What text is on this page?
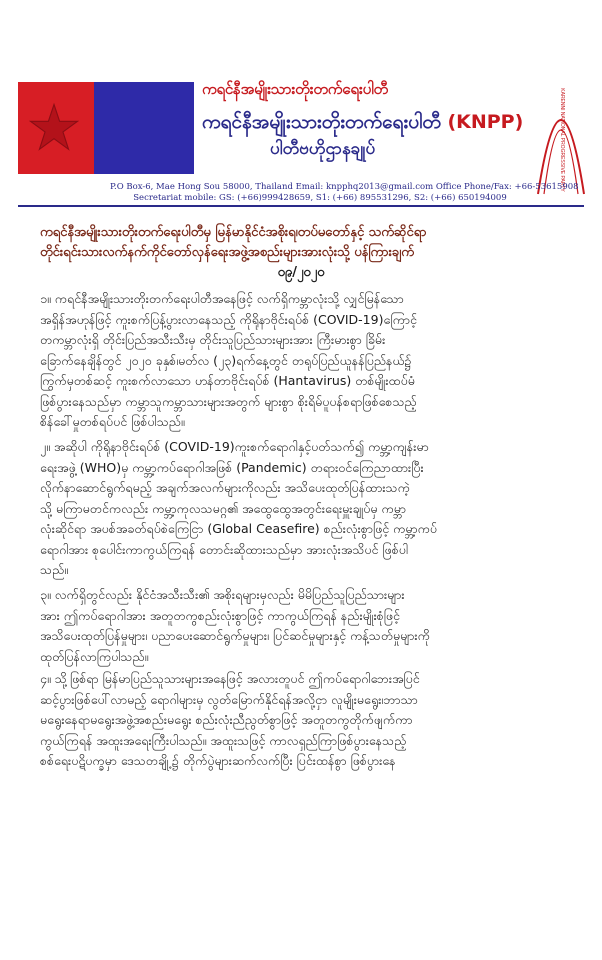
ကရင်နီအမျိုးသားတိုးတက်ရေးပါတီ
ကရင်နီအမျိုးသားတိုးတက်ရေးပါတီ (KNPP)
ပါတီဗဟိုဌာနချုပ်	KARENNI NATIONAL PROGRESSIVE PARTY
P.O Box-6, Mae Hong Sou 58000, Thailand Email: knpphq2013@gmail.com Office Phone/Fax: +66-53615908
Secretariat mobile: GS: (+66)999428659, S1: (+66) 895531296, S2: (+66) 650194009
ကရင်နီအမျိုးသားတိုးတက်ရေးပါတီမှ မြန်မာနိုင်ငံအစိုးရ၊တပ်မတော်နှင့် သက်ဆိုင်ရာ
တိုင်းရင်းသားလက်နက်ကိုင်တော်လှန်ရေးအဖွဲ့အစည်းများအားလုံးသို့ ပန်ကြားချက်
၀၉/၂၀၂၀
၁။ ကရင်နီအမျိုးသားတိုးတက်ရေးပါတီအနေဖြင့် လက်ရှိကမ္ဘာလုံးသို့ လျှင်မြန်သော
အရှိန်အဟုန်ဖြင့် ကူးစက်ပြန့်ပွားလာနေသည့် ကိုရိုနာဗိုင်းရပ်စ် (COVID-19)ကြောင့်
တကမ္ဘာလုံးရှိ တိုင်းပြည်အသီးသီးမှ တိုင်းသူပြည်သားများအား ကြီးမားစွာ ခြိမ်း
ခြောက်နေချိန်တွင် ၂၀၂၀ ခုနှစ်၊မတ်လ (၂၃)ရက်နေ့တွင် တရုပ်ပြည်ယူနန်ပြည်နယ်၌
ကြွက်မှတစ်ဆင့် ကူးစက်လာသော ဟန်တာဗိုင်းရပ်စ် (Hantavirus) တစ်မျိုးထပ်မံ
ဖြစ်ပွားနေသည်မှာ ကမ္ဘာသူကမ္ဘာသားများအတွက် များစွာ စိုးရိမ်ပူပန်စရာဖြစ်စေသည့်
စိန်ခေါ်မှုတစ်ရပ်ပင် ဖြစ်ပါသည်။
၂။ အဆိုပါ ကိုရိုနာဗိုင်းရပ်စ် (COVID-19)ကူးစက်ရောဂါနှင့်ပတ်သက်၍ ကမ္ဘာ့ကျန်းမာ
ရေးအဖွဲ့ (WHO)မှ ကမ္ဘာ့ကပ်ရောဂါအဖြစ် (Pandemic) တရားဝင်ကြေညာထားပြီး
လိုက်နာဆောင်ရွက်ရမည့် အချက်အလက်များကိုလည်း အသိပေးထုတ်ပြန်ထားသကဲ့
သို့ မကြာမတင်ကလည်း ကမ္ဘာ့ကုလသမဂ္ဂ၏ အထွေထွေအတွင်းရေးမှူးချုပ်မှ ကမ္ဘာ
လုံးဆိုင်ရာ အပစ်အခတ်ရပ်စဲကြေငြာ (Global Ceasefire) စည်းလုံးစွာဖြင့် ကမ္ဘာ့ကပ်
ရောဂါအား စုပေါင်းကာကွယ်ကြရန် တောင်းဆိုထားသည်မှာ အားလုံးအသိပင် ဖြစ်ပါ
သည်။
၃။ လက်ရှိတွင်လည်း နိုင်ငံအသီးသီး၏ အစိုးရများမှလည်း မိမိပြည်သူပြည်သားများ
အား ဤကပ်ရောဂါအား အတူတကွစည်းလုံးစွာဖြင့် ကာကွယ်ကြရန် နည်းမျိုးစုံဖြင့်
အသိပေးထုတ်ပြန်မှုများ၊ ပညာပေးဆောင်ရွက်မှုများ၊ ပြင်ဆင်မှုများနှင့် ကန့်သတ်မှုများကို
ထုတ်ပြန်လာကြပါသည်။
၄။ သို့ဖြစ်ရာ မြန်မာပြည်သူသားများအနေဖြင့် အလားတူပင် ဤကပ်ရောဂါဘေးအပြင်
ဆင့်ပွားဖြစ်ပေါ်လာမည့် ရောဂါများမှ လွတ်မြောက်နိုင်ရန်အလို့ငှာ လူမျိုးမရွေး၊ဘာသာ
မရွေးနေရာမရွေးအဖွဲ့အစည်းမရွေး စည်းလုံးညီညွတ်စွာဖြင့် အတူတကွတိုက်ဖျက်ကာ
ကွယ်ကြရန် အထူးအရေးကြီးပါသည်။ အထူးသဖြင့် ကာလရှည်ကြာဖြစ်ပွားနေသည့်
စစ်ရေးပဋိပက္ခမှာ ဒေသတချို့၌ တိုက်ပွဲများဆက်လက်ပြီး ပြင်းထန်စွာ ဖြစ်ပွားနေ
